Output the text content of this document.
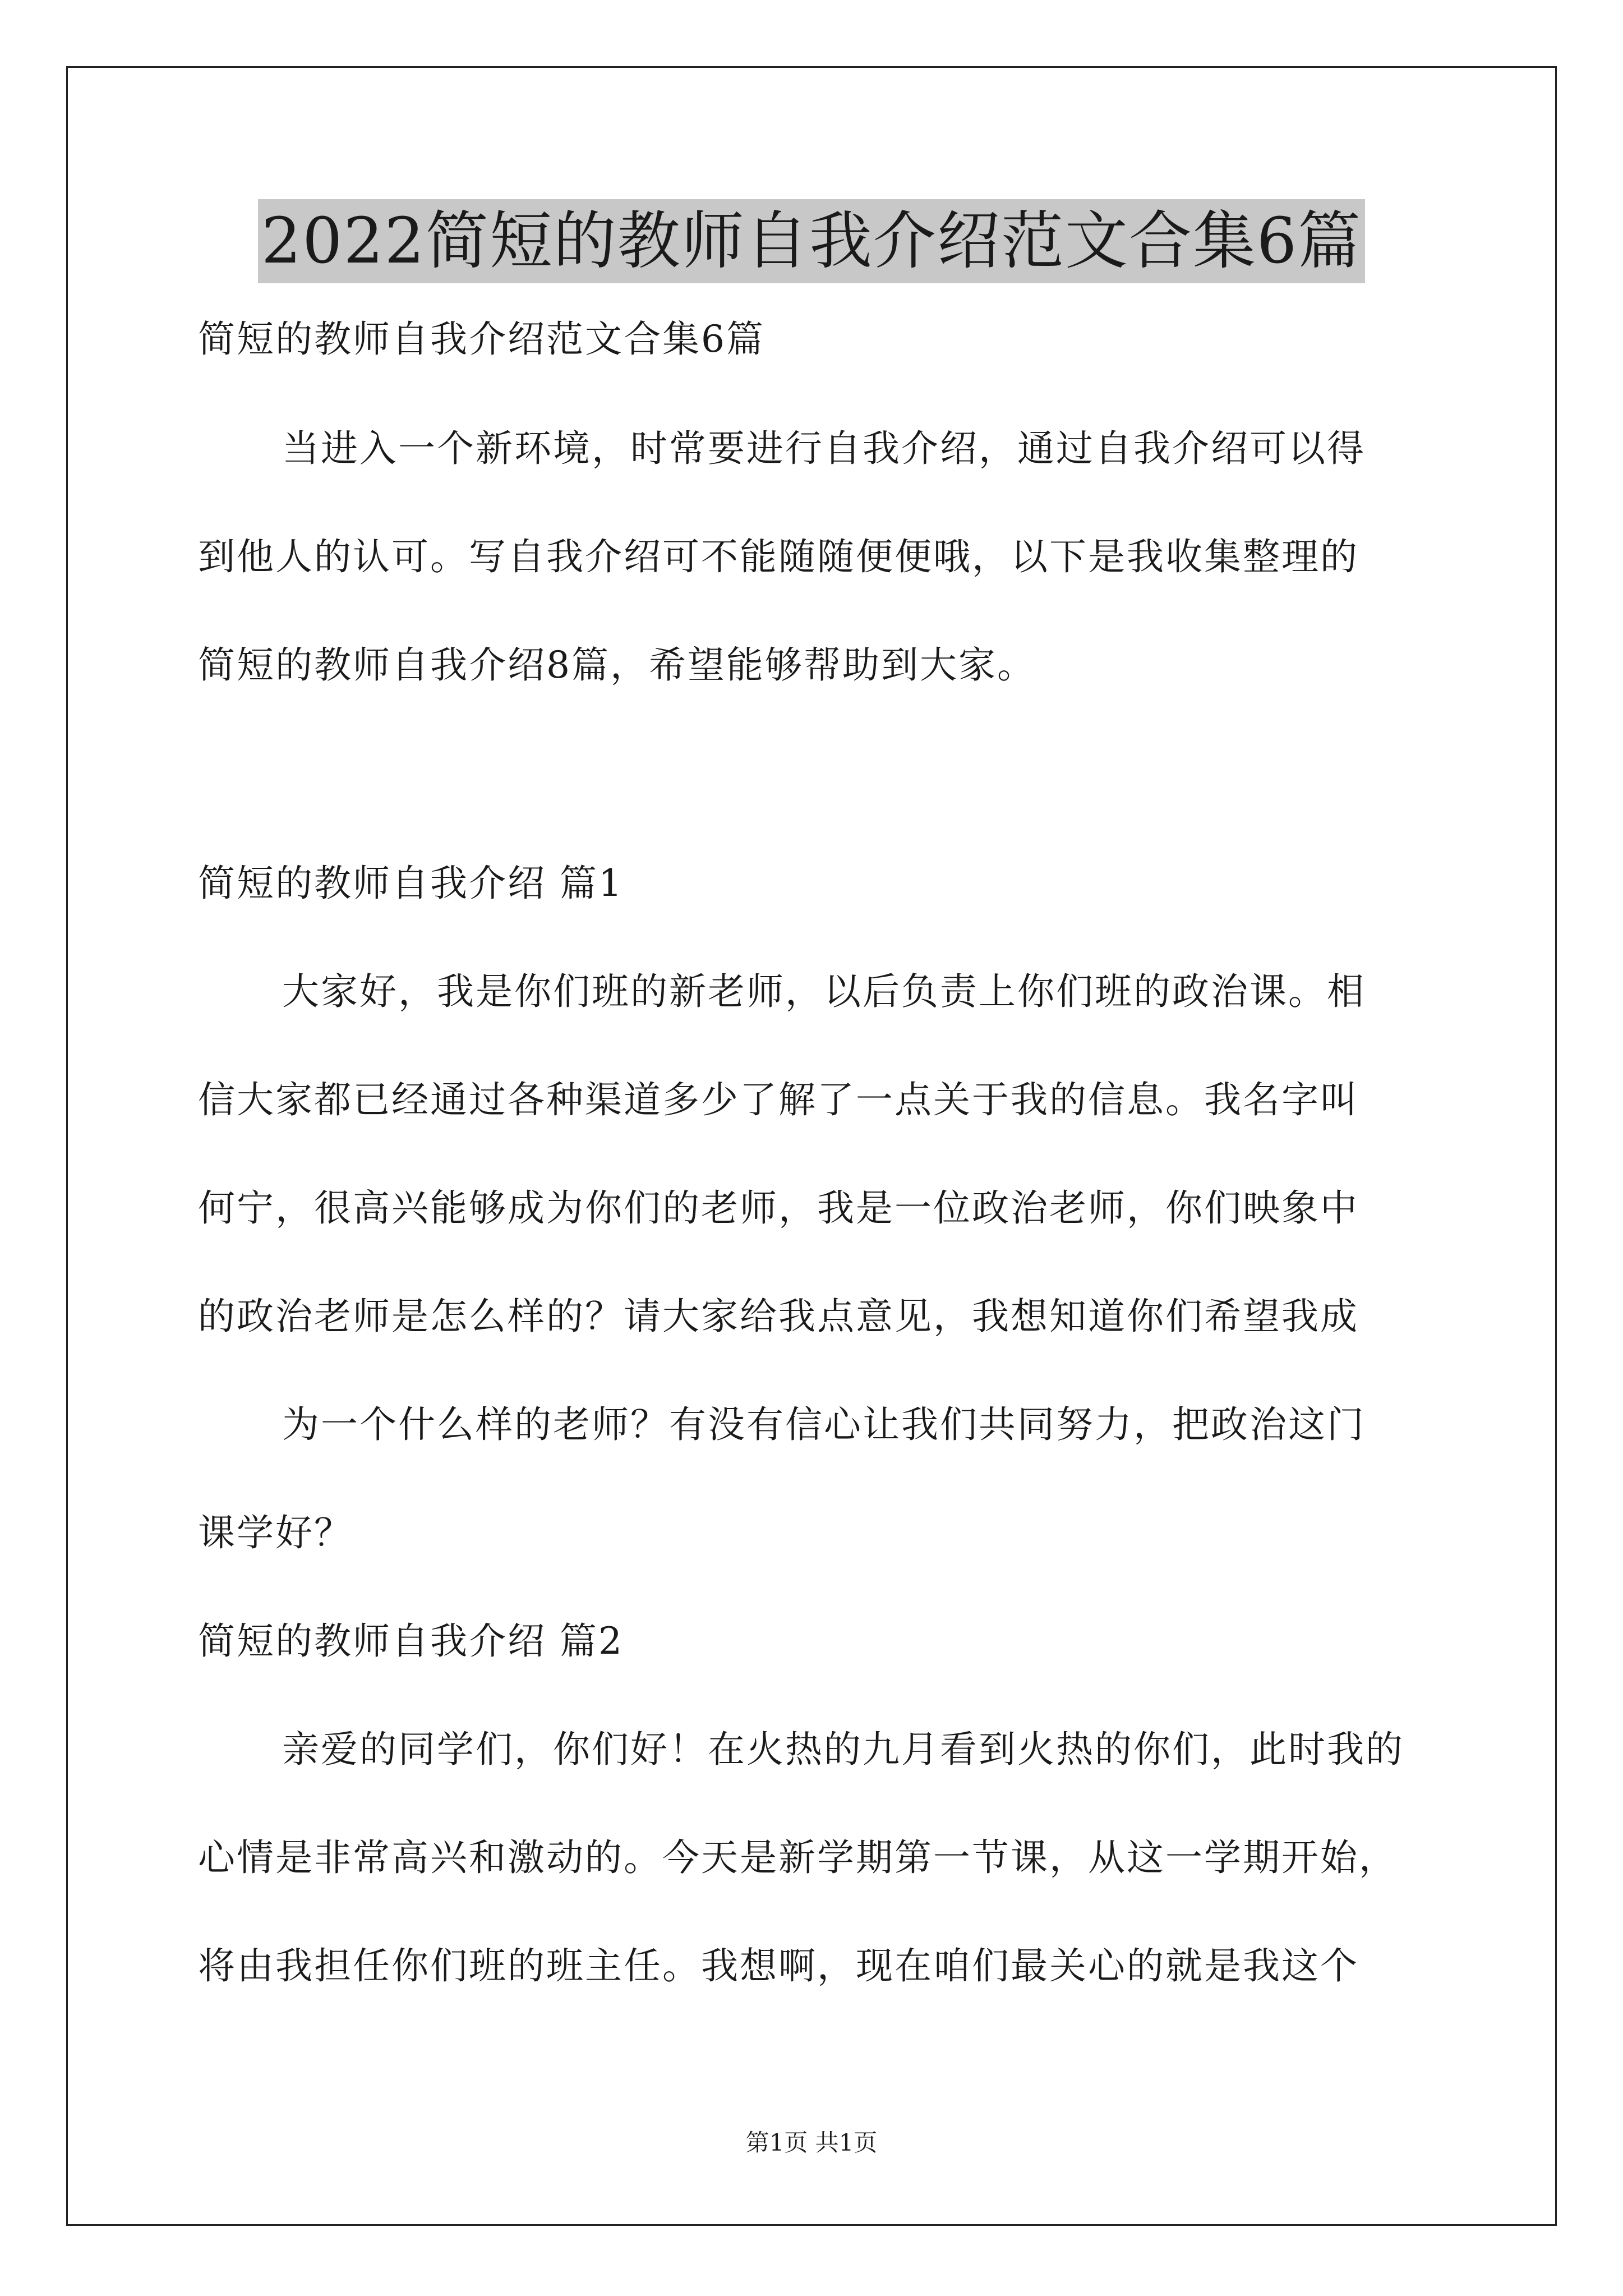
2022简短的教师自我介绍范文合集6篇
简短的教师自我介绍范文合集6篇
当进入一个新环境，时常要进行自我介绍，通过自我介绍可以得
到他人的认可。写自我介绍可不能随随便便哦，以下是我收集整理的
简短的教师自我介绍8篇，希望能够帮助到大家。
简短的教师自我介绍 篇1
大家好，我是你们班的新老师，以后负责上你们班的政治课。相
信大家都已经通过各种渠道多少了解了一点关于我的信息。我名字叫
何宁，很高兴能够成为你们的老师，我是一位政治老师，你们映象中
的政治老师是怎么样的？请大家给我点意见，我想知道你们希望我成
为一个什么样的老师？有没有信心让我们共同努力，把政治这门
课学好？
简短的教师自我介绍 篇2
亲爱的同学们，你们好！在火热的九月看到火热的你们，此时我的
心情是非常高兴和激动的。今天是新学期第一节课，从这一学期开始，
将由我担任你们班的班主任。我想啊，现在咱们最关心的就是我这个
第1页 共1页
